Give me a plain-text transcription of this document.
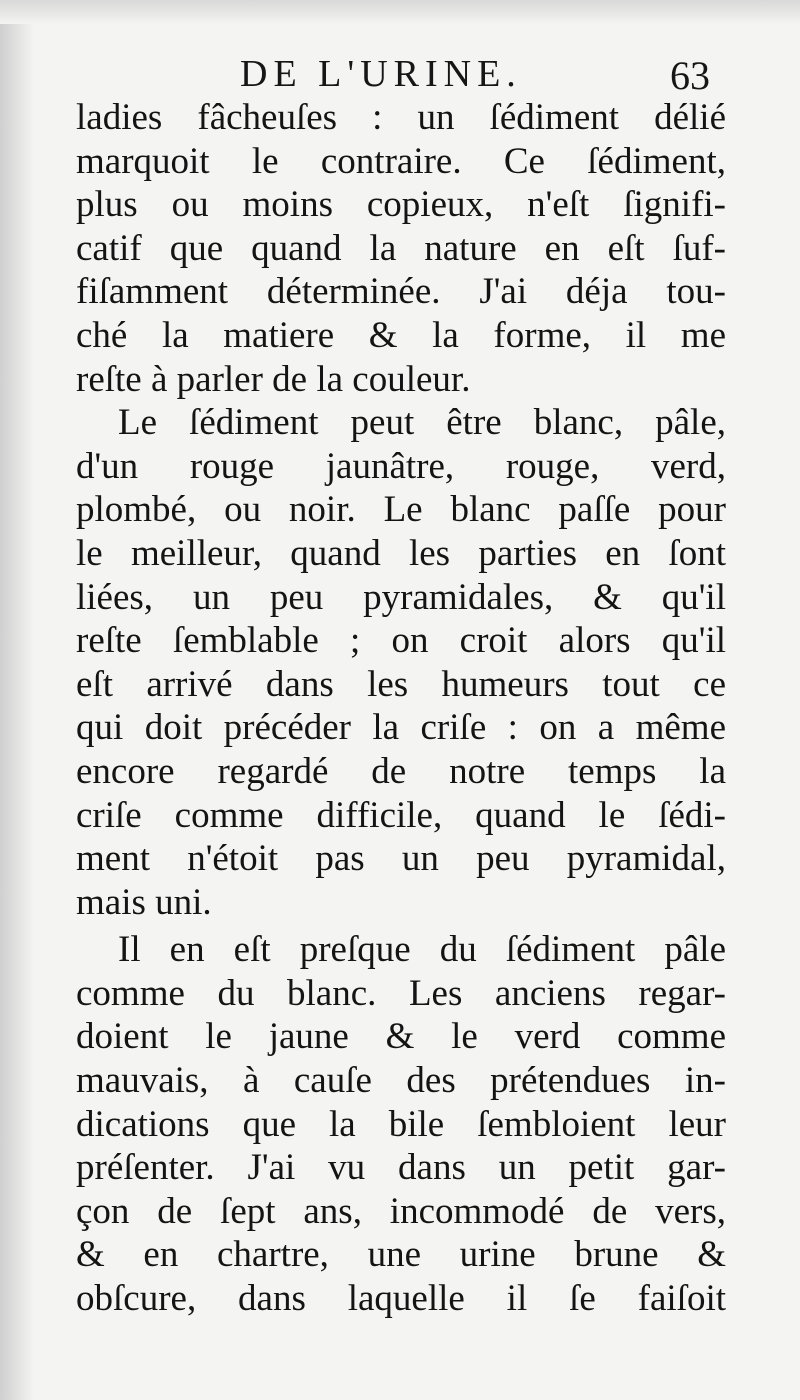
DE L'URINE.	63
ladies fâcheuſes : un ſédiment délié
marquoit le contraire. Ce ſédiment,
plus ou moins copieux, n'eſt ſignifi-
catif que quand la nature en eſt ſuf-
fiſamment déterminée. J'ai déja tou-
ché la matiere & la forme, il me
reſte à parler de la couleur.
Le ſédiment peut être blanc, pâle,
d'un rouge jaunâtre, rouge, verd,
plombé, ou noir. Le blanc paſſe pour
le meilleur, quand les parties en ſont
liées, un peu pyramidales, & qu'il
reſte ſemblable ; on croit alors qu'il
eſt arrivé dans les humeurs tout ce
qui doit précéder la criſe : on a même
encore regardé de notre temps la
criſe comme difficile, quand le ſédi-
ment n'étoit pas un peu pyramidal,
mais uni.
Il en eſt preſque du ſédiment pâle
comme du blanc. Les anciens regar-
doient le jaune & le verd comme
mauvais, à cauſe des prétendues in-
dications que la bile ſembloient leur
préſenter. J'ai vu dans un petit gar-
çon de ſept ans, incommodé de vers,
& en chartre, une urine brune &
obſcure, dans laquelle il ſe faiſoit
